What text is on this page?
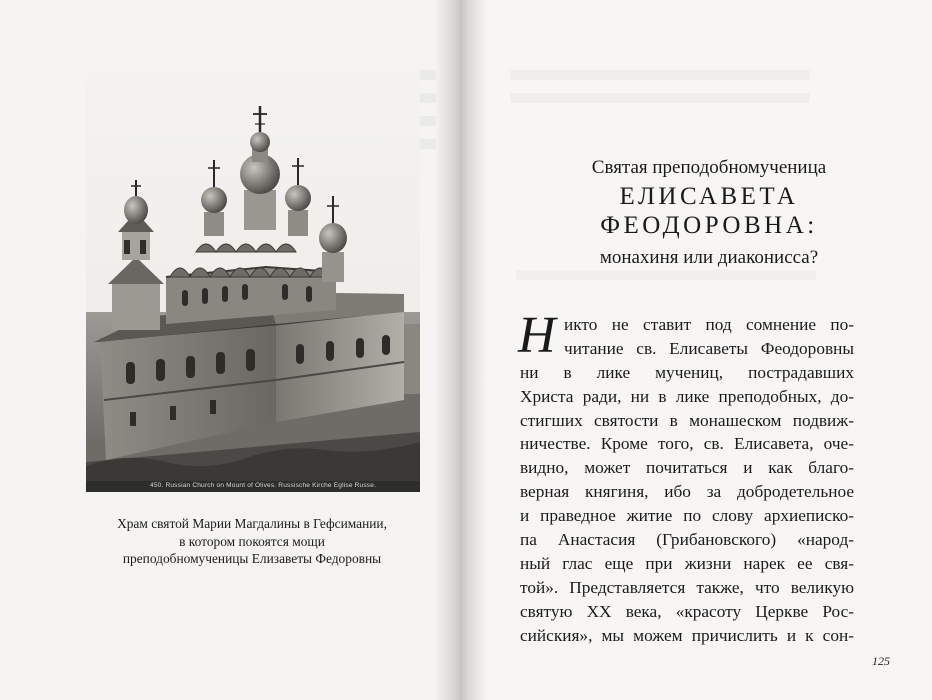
450. Russian Church on Mount of Olives. Russische Kirche Eglise Russe.
Храм святой Марии Магдалины в Гефсимании,
в котором покоятся мощи
преподобномученицы Елизаветы Федоровны
Святая преподобномученица
ЕЛИСАВЕТА
ФЕОДОРОВНА:
монахиня или диаконисса?
Н икто не ставит под сомнение по-
читание св. Елисаветы Феодоровны
ни в лике мучениц, пострадавших
Христа ради, ни в лике преподобных, до-
стигших святости в монашеском подвиж-
ничестве. Кроме того, св. Елисавета, оче-
видно, может почитаться и как благо-
верная княгиня, ибо за добродетельное
и праведное житие по слову архиеписко-
па Анастасия (Грибановского) «народ-
ный глас еще при жизни нарек ее свя-
той». Представляется также, что великую
святую XX века, «красоту Церкве Рос-
сийския», мы можем причислить и к сон-
125
